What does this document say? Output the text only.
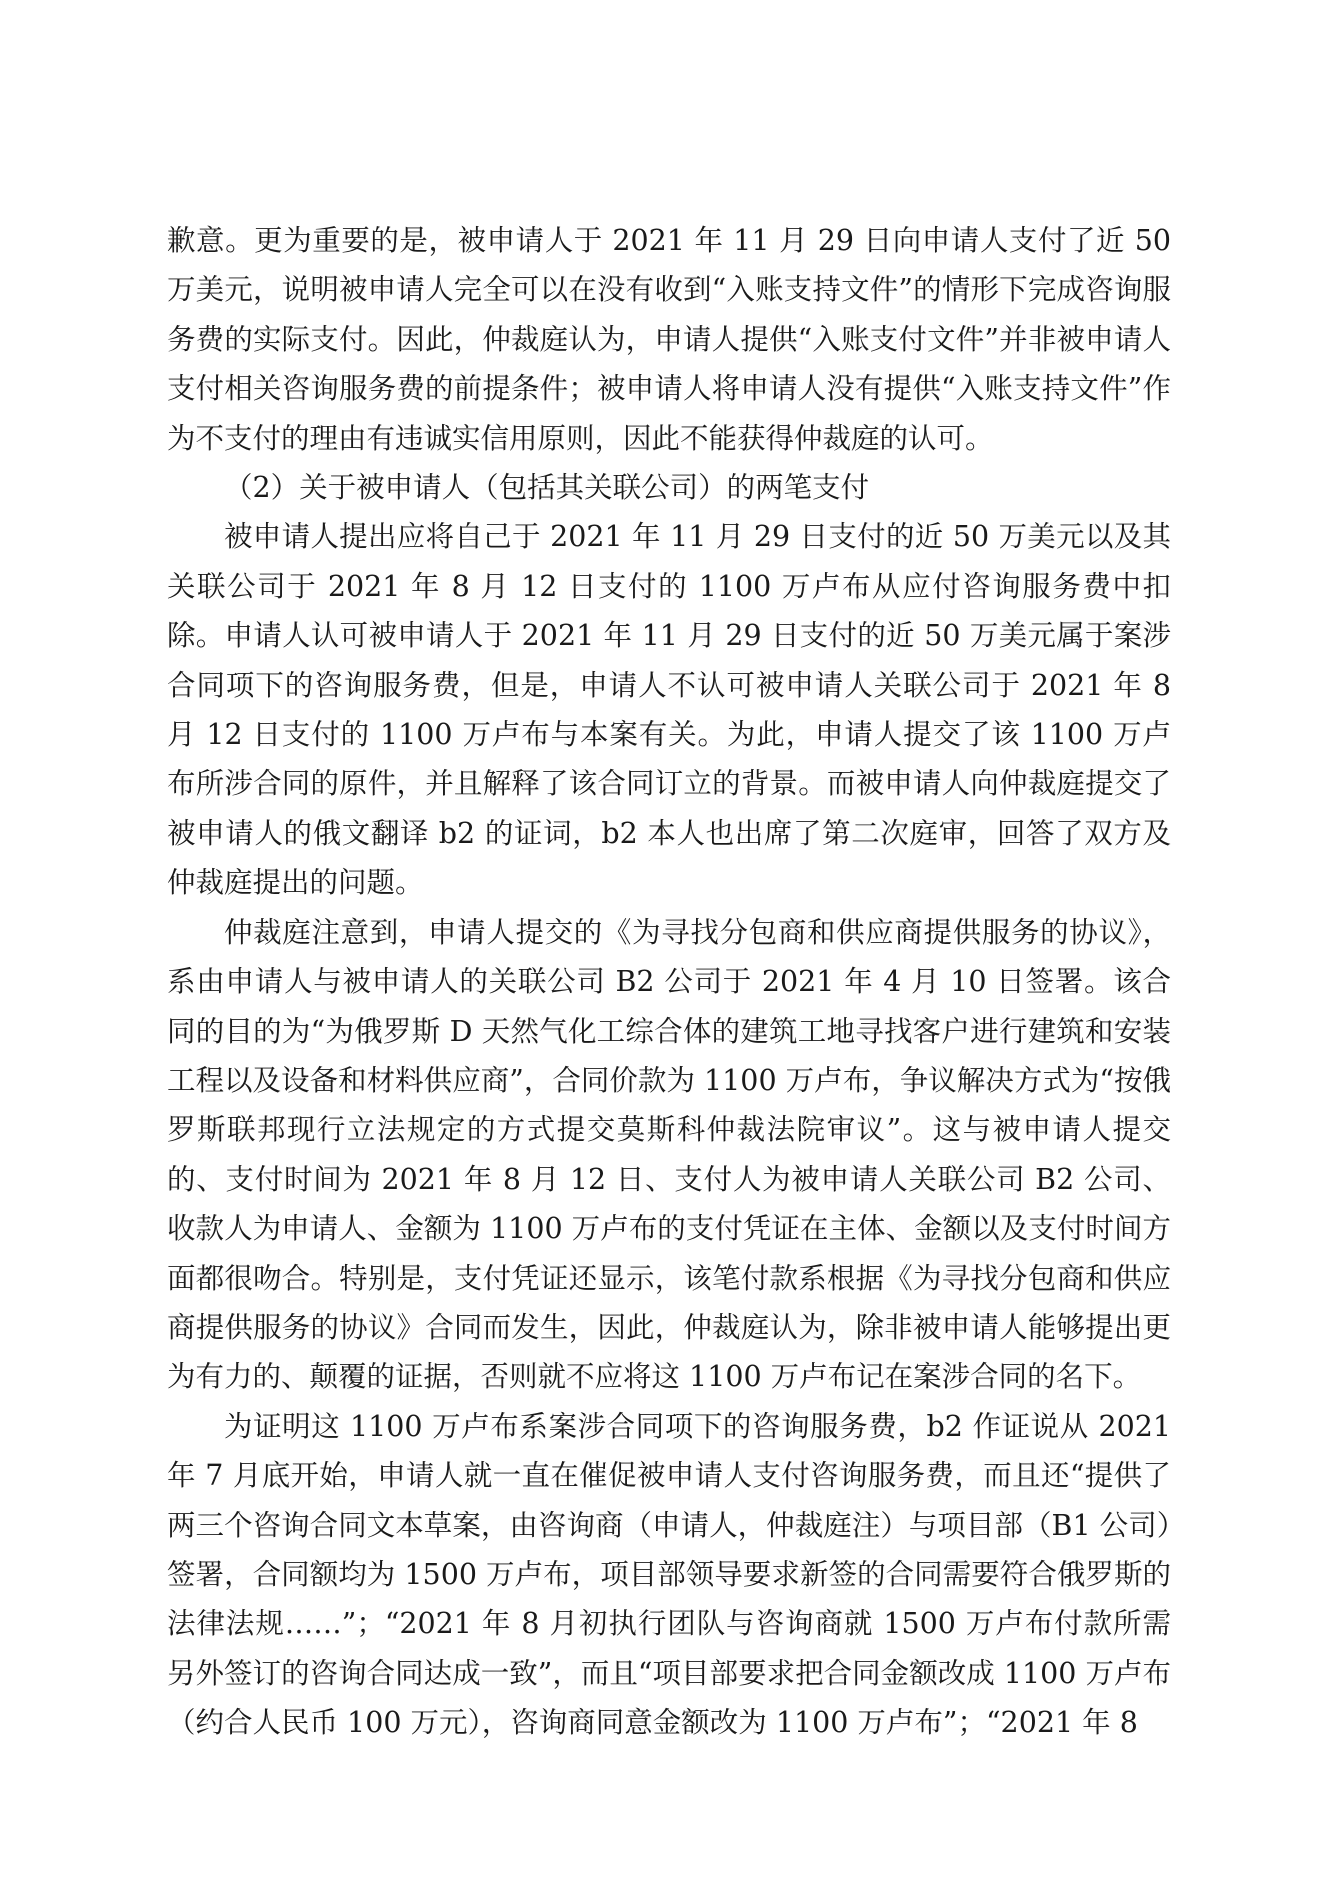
歉意。更为重要的是，被申请人于 2021 年 11 月 29 日向申请人支付了近 50 万美元，说明被申请人完全可以在没有收到“入账支持文件”的情形下完成咨询服务费的实际支付。因此，仲裁庭认为，申请人提供“入账支付文件”并非被申请人支付相关咨询服务费的前提条件；被申请人将申请人没有提供“入账支持文件”作为不支付的理由有违诚实信用原则，因此不能获得仲裁庭的认可。

（2）关于被申请人（包括其关联公司）的两笔支付

被申请人提出应将自己于 2021 年 11 月 29 日支付的近 50 万美元以及其关联公司于 2021 年 8 月 12 日支付的 1100 万卢布从应付咨询服务费中扣除。申请人认可被申请人于 2021 年 11 月 29 日支付的近 50 万美元属于案涉合同项下的咨询服务费，但是，申请人不认可被申请人关联公司于 2021 年 8 月 12 日支付的 1100 万卢布与本案有关。为此，申请人提交了该 1100 万卢布所涉合同的原件，并且解释了该合同订立的背景。而被申请人向仲裁庭提交了被申请人的俄文翻译 b2 的证词，b2 本人也出席了第二次庭审，回答了双方及仲裁庭提出的问题。

仲裁庭注意到，申请人提交的《为寻找分包商和供应商提供服务的协议》，系由申请人与被申请人的关联公司 B2 公司于 2021 年 4 月 10 日签署。该合同的目的为“为俄罗斯 D 天然气化工综合体的建筑工地寻找客户进行建筑和安装工程以及设备和材料供应商”，合同价款为 1100 万卢布，争议解决方式为“按俄罗斯联邦现行立法规定的方式提交莫斯科仲裁法院审议”。这与被申请人提交的、支付时间为 2021 年 8 月 12 日、支付人为被申请人关联公司 B2 公司、收款人为申请人、金额为 1100 万卢布的支付凭证在主体、金额以及支付时间方面都很吻合。特别是，支付凭证还显示，该笔付款系根据《为寻找分包商和供应商提供服务的协议》合同而发生，因此，仲裁庭认为，除非被申请人能够提出更为有力的、颠覆的证据，否则就不应将这 1100 万卢布记在案涉合同的名下。

为证明这 1100 万卢布系案涉合同项下的咨询服务费，b2 作证说从 2021 年 7 月底开始，申请人就一直在催促被申请人支付咨询服务费，而且还“提供了两三个咨询合同文本草案，由咨询商（申请人，仲裁庭注）与项目部（B1 公司）签署，合同额均为 1500 万卢布，项目部领导要求新签的合同需要符合俄罗斯的法律法规……”；“2021 年 8 月初执行团队与咨询商就 1500 万卢布付款所需另外签订的咨询合同达成一致”，而且“项目部要求把合同金额改成 1100 万卢布（约合人民币 100 万元），咨询商同意金额改为 1100 万卢布”；“2021 年 8
